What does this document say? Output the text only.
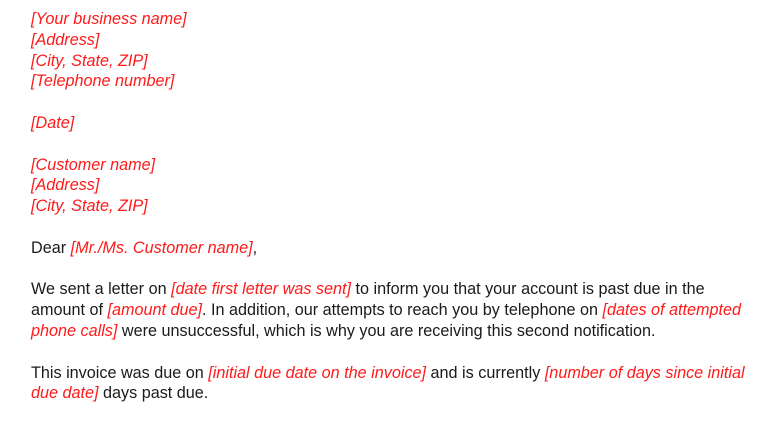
[Your business name]
[Address]
[City, State, ZIP]
[Telephone number]
[Date]
[Customer name]
[Address]
[City, State, ZIP]
Dear [Mr./Ms. Customer name],

We sent a letter on [date first letter was sent] to inform you that your account is past due in the amount of [amount due]. In addition, our attempts to reach you by telephone on [dates of attempted phone calls] were unsuccessful, which is why you are receiving this second notification.

This invoice was due on [initial due date on the invoice] and is currently [number of days since initial due date] days past due.
